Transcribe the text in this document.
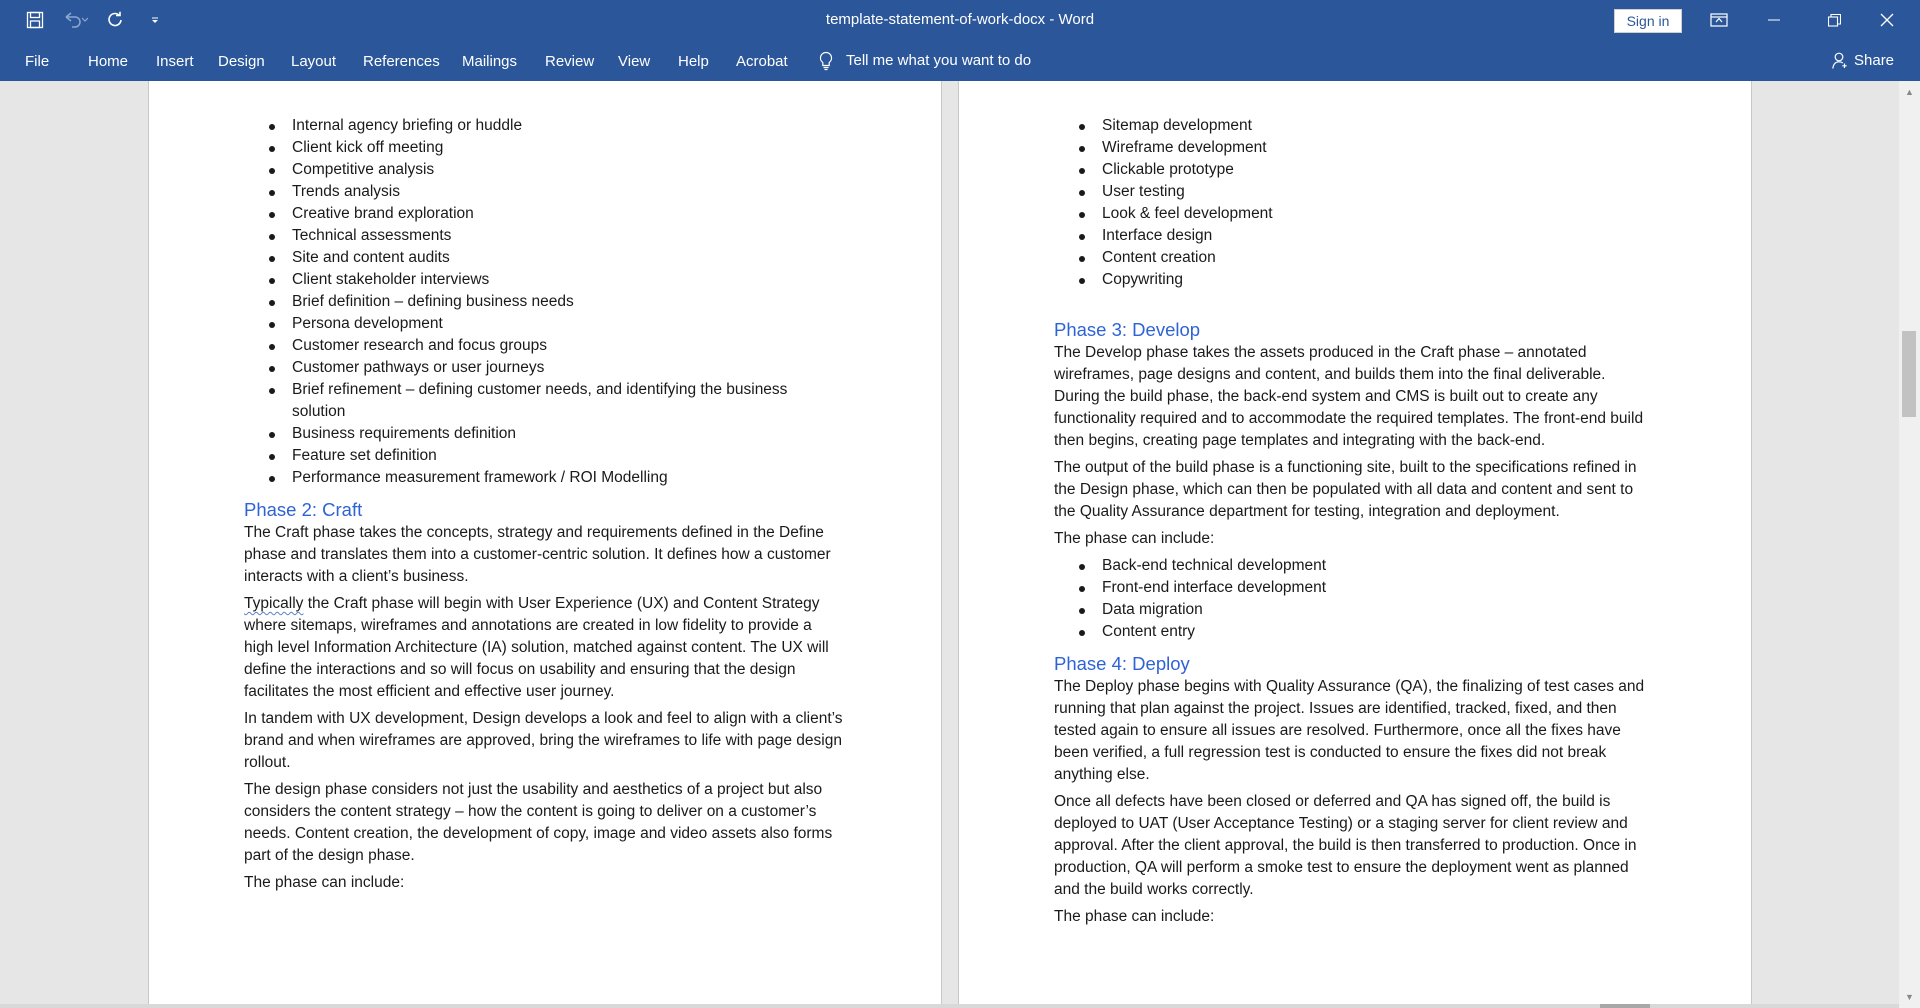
template-statement-of-work-docx - Word	Sign in
File	Home Insert Design Layout References Mailings Review View Help Acrobat	Tell me what you want to do	Share
Internal agency briefing or huddle
Client kick off meeting
Competitive analysis
Trends analysis
Creative brand exploration
Technical assessments
Site and content audits
Client stakeholder interviews
Brief definition – defining business needs
Persona development
Customer research and focus groups
Customer pathways or user journeys
Brief refinement – defining customer needs, and identifying the business solution
Business requirements definition
Feature set definition
Performance measurement framework / ROI Modelling
Phase 2: Craft

The Craft phase takes the concepts, strategy and requirements defined in the Define phase and translates them into a customer-centric solution. It defines how a customer interacts with a client’s business.

Typically the Craft phase will begin with User Experience (UX) and Content Strategy where sitemaps, wireframes and annotations are created in low fidelity to provide a high level Information Architecture (IA) solution, matched against content. The UX will define the interactions and so will focus on usability and ensuring that the design facilitates the most efficient and effective user journey.

In tandem with UX development, Design develops a look and feel to align with a client’s brand and when wireframes are approved, bring the wireframes to life with page design rollout.

The design phase considers not just the usability and aesthetics of a project but also considers the content strategy – how the content is going to deliver on a customer’s needs. Content creation, the development of copy, image and video assets also forms part of the design phase.

The phase can include:

Sitemap development
Wireframe development
Clickable prototype
User testing
Look & feel development
Interface design
Content creation
Copywriting
Phase 3: Develop

The Develop phase takes the assets produced in the Craft phase – annotated wireframes, page designs and content, and builds them into the final deliverable. During the build phase, the back-end system and CMS is built out to create any functionality required and to accommodate the required templates. The front-end build then begins, creating page templates and integrating with the back-end.

The output of the build phase is a functioning site, built to the specifications refined in the Design phase, which can then be populated with all data and content and sent to the Quality Assurance department for testing, integration and deployment.

The phase can include:

Back-end technical development
Front-end interface development
Data migration
Content entry
Phase 4: Deploy

The Deploy phase begins with Quality Assurance (QA), the finalizing of test cases and running that plan against the project. Issues are identified, tracked, fixed, and then tested again to ensure all issues are resolved. Furthermore, once all the fixes have been verified, a full regression test is conducted to ensure the fixes did not break anything else.

Once all defects have been closed or deferred and QA has signed off, the build is deployed to UAT (User Acceptance Testing) or a staging server for client review and approval. After the client approval, the build is then transferred to production. Once in production, QA will perform a smoke test to ensure the deployment went as planned and the build works correctly.

The phase can include:

▲
▼
